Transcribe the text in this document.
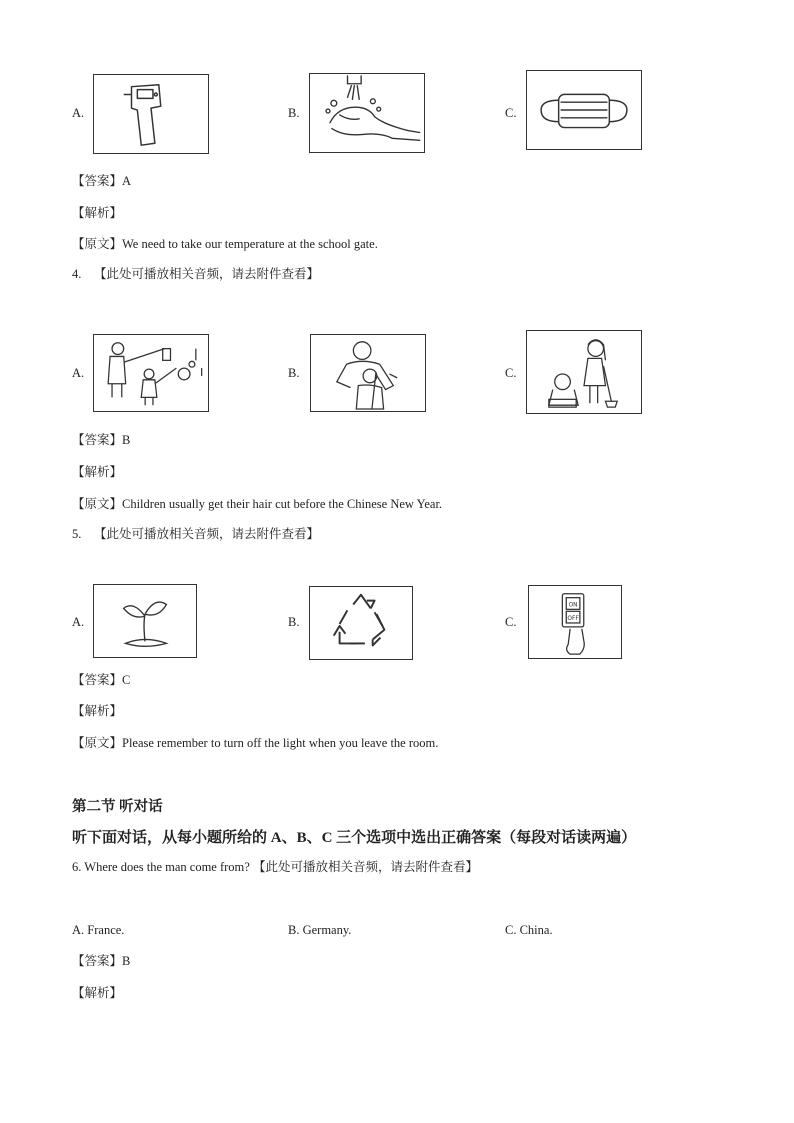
A.	B.	C.
【答案】A
【解析】
【原文】We need to take our temperature at the school gate.
4. 【此处可播放相关音频，请去附件查看】
A.	B.	C.
【答案】B
【解析】
【原文】Children usually get their hair cut before the Chinese New Year.
5. 【此处可播放相关音频，请去附件查看】
A.	B.	C.
ON
OFF
【答案】C
【解析】
【原文】Please remember to turn off the light when you leave the room.
第二节 听对话
听下面对话，从每小题所给的 A、B、C 三个选项中选出正确答案（每段对话读两遍）
6. Where does the man come from? 【此处可播放相关音频，请去附件查看】
A. France.	B. Germany.	C. China.
【答案】B
【解析】
